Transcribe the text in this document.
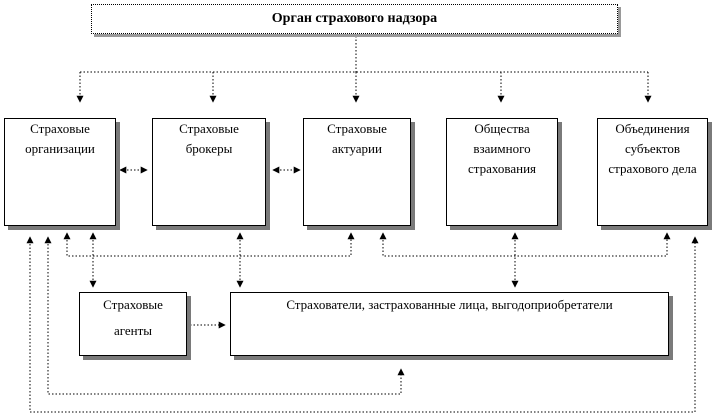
Орган страхового надзора
Страховые
организации
Страховые
брокеры
Страховые
актуарии
Общества
взаимного
страхования
Объединения
субъектов
страхового дела
Страховые
агенты
Страхователи, застрахованные лица, выгодоприобретатели
